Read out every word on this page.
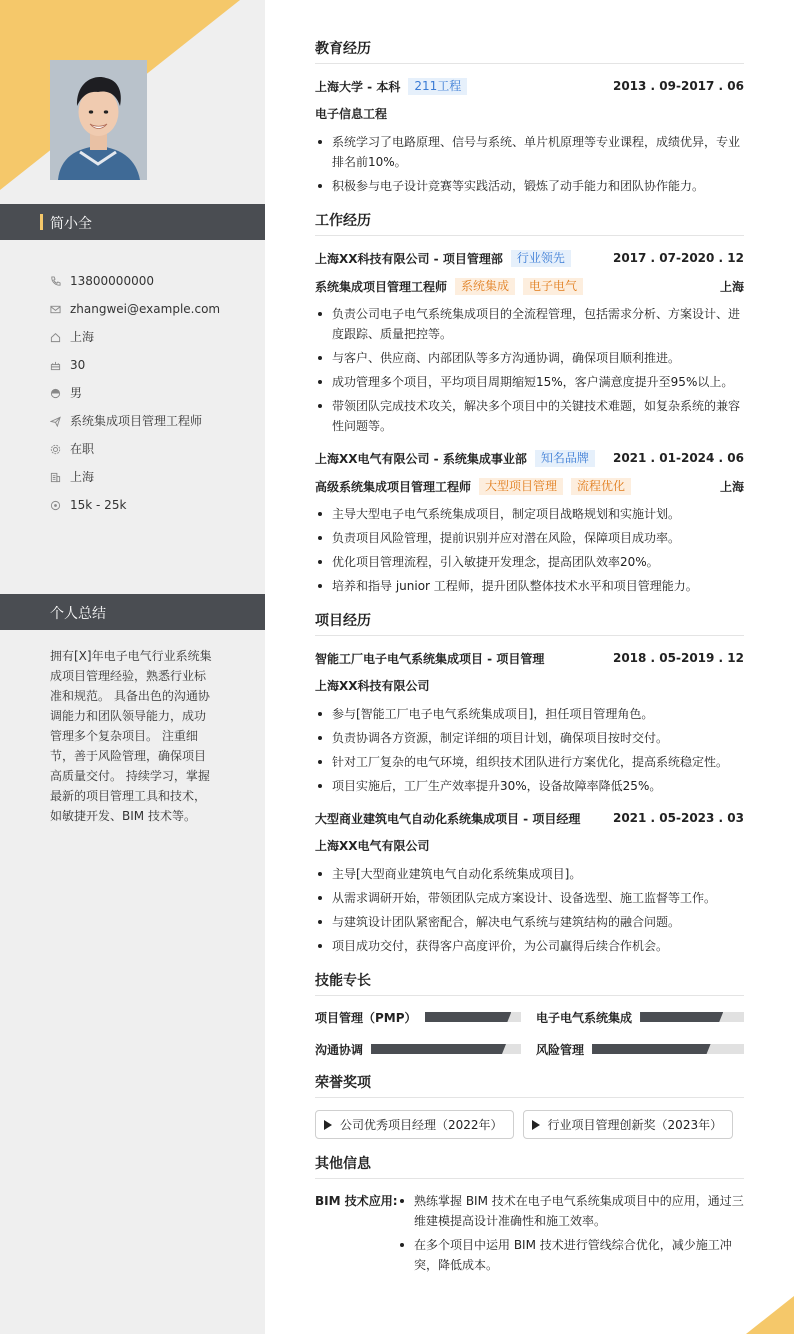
简小全
13800000000
zhangwei@example.com
上海
30
男
系统集成项目管理工程师
在职
上海
15k - 25k
个人总结
拥有[X]年电子电气行业系统集成项目管理经验，熟悉行业标准和规范。 具备出色的沟通协调能力和团队领导能力，成功管理多个复杂项目。 注重细节，善于风险管理，确保项目高质量交付。 持续学习，掌握最新的项目管理工具和技术，如敏捷开发、BIM 技术等。
教育经历
上海大学 - 本科	211工程	2013 . 09-2017 . 06
电子信息工程
系统学习了电路原理、信号与系统、单片机原理等专业课程，成绩优异，专业排名前10%。
积极参与电子设计竞赛等实践活动，锻炼了动手能力和团队协作能力。
工作经历
上海XX科技有限公司 - 项目管理部	行业领先	2017 . 07-2020 . 12
系统集成项目管理工程师	系统集成	电子电气	上海
负责公司电子电气系统集成项目的全流程管理，包括需求分析、方案设计、进度跟踪、质量把控等。
与客户、供应商、内部团队等多方沟通协调，确保项目顺利推进。
成功管理多个项目，平均项目周期缩短15%，客户满意度提升至95%以上。
带领团队完成技术攻关，解决多个项目中的关键技术难题，如复杂系统的兼容性问题等。
上海XX电气有限公司 - 系统集成事业部	知名品牌	2021 . 01-2024 . 06
高级系统集成项目管理工程师	大型项目管理	流程优化	上海
主导大型电子电气系统集成项目，制定项目战略规划和实施计划。
负责项目风险管理，提前识别并应对潜在风险，保障项目成功率。
优化项目管理流程，引入敏捷开发理念，提高团队效率20%。
培养和指导 junior 工程师，提升团队整体技术水平和项目管理能力。
项目经历
智能工厂电子电气系统集成项目 - 项目管理	2018 . 05-2019 . 12
上海XX科技有限公司
参与[智能工厂电子电气系统集成项目]，担任项目管理角色。
负责协调各方资源，制定详细的项目计划，确保项目按时交付。
针对工厂复杂的电气环境，组织技术团队进行方案优化，提高系统稳定性。
项目实施后，工厂生产效率提升30%，设备故障率降低25%。
大型商业建筑电气自动化系统集成项目 - 项目经理	2021 . 05-2023 . 03
上海XX电气有限公司
主导[大型商业建筑电气自动化系统集成项目]。
从需求调研开始，带领团队完成方案设计、设备选型、施工监督等工作。
与建筑设计团队紧密配合，解决电气系统与建筑结构的融合问题。
项目成功交付，获得客户高度评价，为公司赢得后续合作机会。
技能专长
项目管理（PMP）	电子电气系统集成
沟通协调	风险管理
荣誉奖项
公司优秀项目经理（2022年）	行业项目管理创新奖（2023年）
其他信息
BIM 技术应用:	熟练掌握 BIM 技术在电子电气系统集成项目中的应用，通过三维建模提高设计准确性和施工效率。
在多个项目中运用 BIM 技术进行管线综合优化，减少施工冲突，降低成本。
